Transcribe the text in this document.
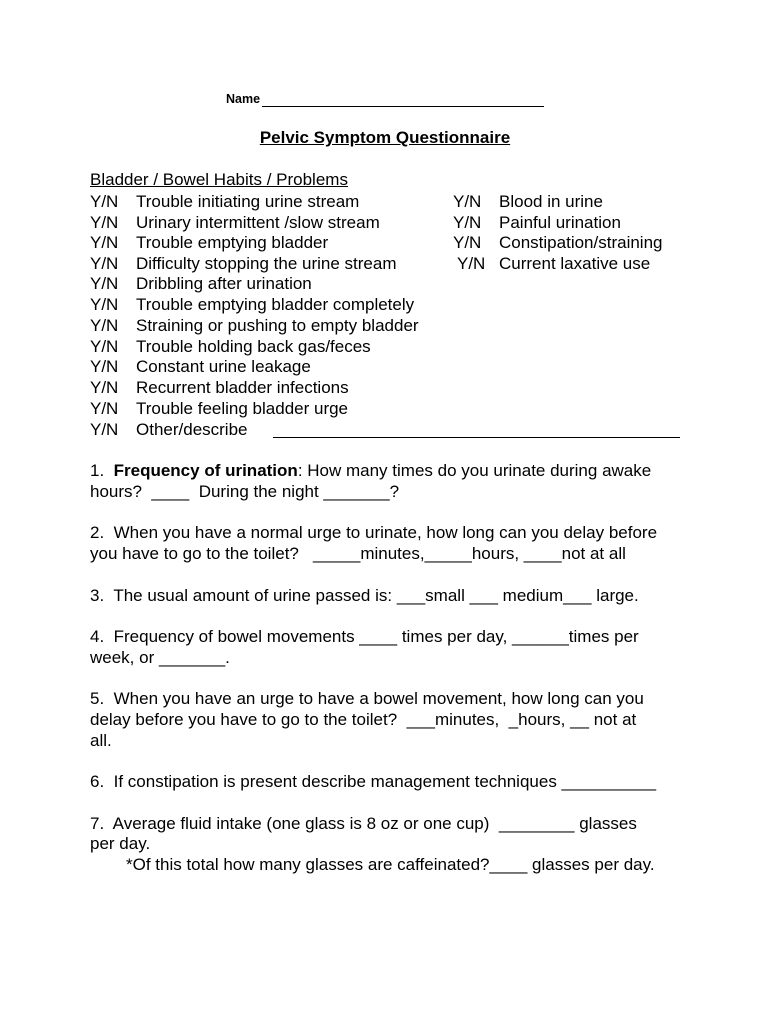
Name
Pelvic Symptom Questionnaire
Bladder / Bowel Habits / Problems
Y/N Trouble initiating urine stream
Y/N Urinary intermittent /slow stream
Y/N Trouble emptying bladder
Y/N Difficulty stopping the urine stream
Y/N Dribbling after urination
Y/N Trouble emptying bladder completely
Y/N Straining or pushing to empty bladder
Y/N Trouble holding back gas/feces
Y/N Constant urine leakage
Y/N Recurrent bladder infections
Y/N Trouble feeling bladder urge
Y/N Other/describe
Y/N Blood in urine
Y/N Painful urination
Y/N Constipation/straining
Y/N Current laxative use
1.  Frequency of urination: How many times do you urinate during awake
hours?  ____  During the night _______?
2.  When you have a normal urge to urinate, how long can you delay before
you have to go to the toilet?   _____minutes,_____hours, ____not at all
3.  The usual amount of urine passed is: ___small ___ medium___ large.
4.  Frequency of bowel movements ____ times per day, ______times per
week, or _______.
5.  When you have an urge to have a bowel movement, how long can you
delay before you have to go to the toilet?  ___minutes,  _hours, __ not at
all.
6.  If constipation is present describe management techniques __________
7.  Average fluid intake (one glass is 8 oz or one cup)  ________ glasses
per day.
*Of this total how many glasses are caffeinated?____ glasses per day.
